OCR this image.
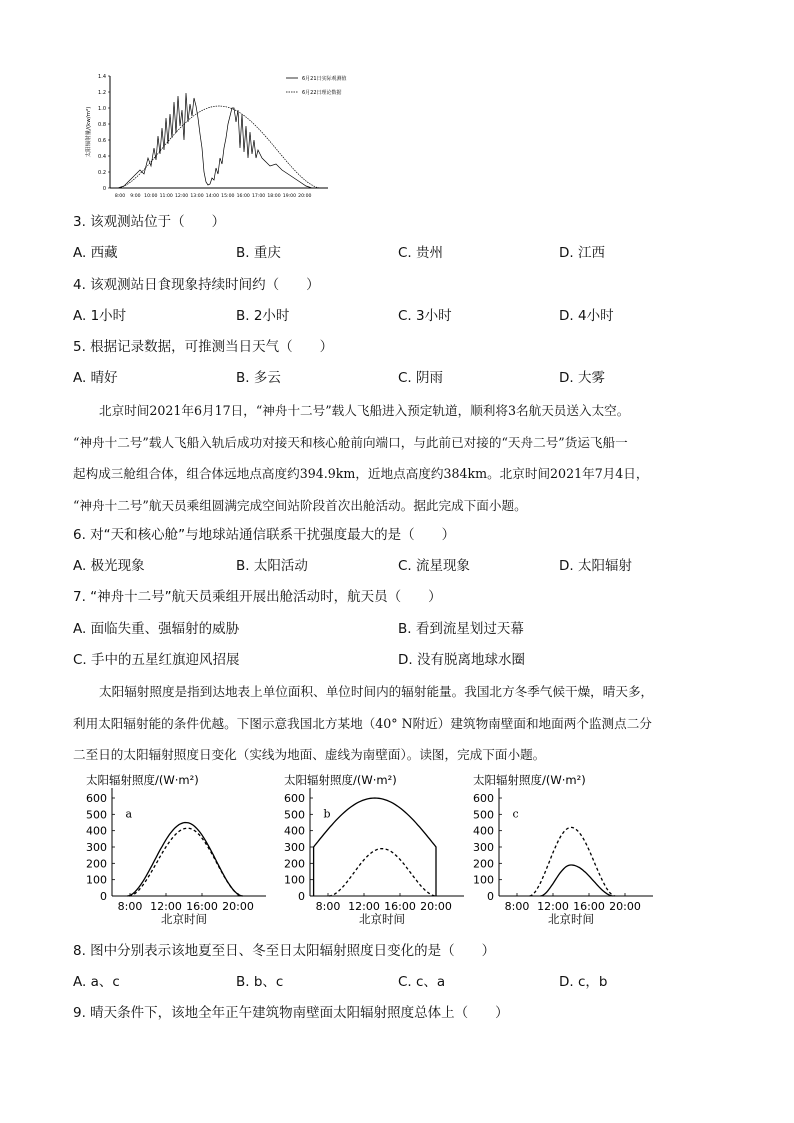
1.4
1.2
1.0
0.8
0.6
0.4
0.2
0
太阳辐射量/(kw/m²)
8:00 9:00 10:00 11:00 12:00 13:00 14:00 15:00 16:00 17:00 18:00 19:00 20:00
6月21日实际观测值
6月22日理论数据
3. 该观测站位于（　　）
A. 西藏	B. 重庆	C. 贵州	D. 江西
4. 该观测站日食现象持续时间约（　　）
A. 1小时	B. 2小时	C. 3小时	D. 4小时
5. 根据记录数据，可推测当日天气（　　）
A. 晴好	B. 多云	C. 阴雨	D. 大雾

北京时间2021年6月17日，“神舟十二号”载人飞船进入预定轨道，顺利将3名航天员送入太空。

“神舟十二号”载人飞船入轨后成功对接天和核心舱前向端口，与此前已对接的“天舟二号”货运飞船一

起构成三舱组合体，组合体远地点高度约394.9km，近地点高度约384km。北京时间2021年7月4日，

“神舟十二号”航天员乘组圆满完成空间站阶段首次出舱活动。据此完成下面小题。

6. 对“天和核心舱”与地球站通信联系干扰强度最大的是（　　）
A. 极光现象	B. 太阳活动	C. 流星现象	D. 太阳辐射
7. “神舟十二号”航天员乘组开展出舱活动时，航天员（　　）
A. 面临失重、强辐射的威胁	B. 看到流星划过天幕
C. 手中的五星红旗迎风招展	D. 没有脱离地球水圈

太阳辐射照度是指到达地表上单位面积、单位时间内的辐射能量。我国北方冬季气候干燥，晴天多，

利用太阳辐射能的条件优越。下图示意我国北方某地（40° N附近）建筑物南壁面和地面两个监测点二分

二至日的太阳辐射照度日变化（实线为地面、虚线为南壁面）。读图，完成下面小题。

太阳辐射照度/(W·m²)
600
500
400
300
200
100
0
8:00 12:00 16:00 20:00
北京时间
a
太阳辐射照度/(W·m²)
600
500
400
300
200
100
0
8:00 12:00 16:00 20:00
北京时间
b
太阳辐射照度/(W·m²)
600
500
400
300
200
100
0
8:00 12:00 16:00 20:00
北京时间
c
8. 图中分别表示该地夏至日、冬至日太阳辐射照度日变化的是（　　）
A. a、c	B. b、c	C. c、a	D. c，b
9. 晴天条件下，该地全年正午建筑物南壁面太阳辐射照度总体上（　　）
